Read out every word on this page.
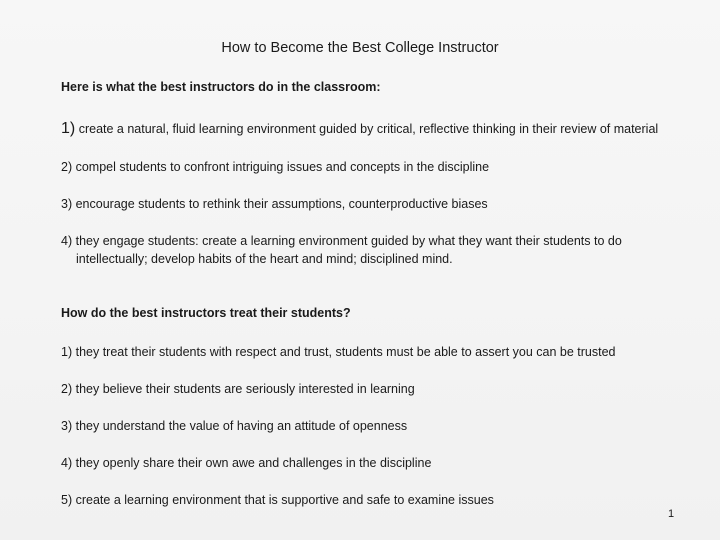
How to Become the Best College Instructor
Here is what the best instructors do in the classroom:
1) create a natural, fluid learning environment guided by critical, reflective thinking in their review of material
2) compel students to confront intriguing issues and concepts in the discipline
3) encourage students to rethink their assumptions, counterproductive biases
4) they engage students: create a learning environment guided by what they want their students to do
intellectually; develop habits of the heart and mind; disciplined mind.
How do the best instructors treat their students?
1) they treat their students with respect and trust, students must be able to assert you can be trusted
2) they believe their students are seriously interested in learning
3) they understand the value of having an attitude of openness
4) they openly share their own awe and challenges in the discipline
5) create a learning environment that is supportive and safe to examine issues
1
